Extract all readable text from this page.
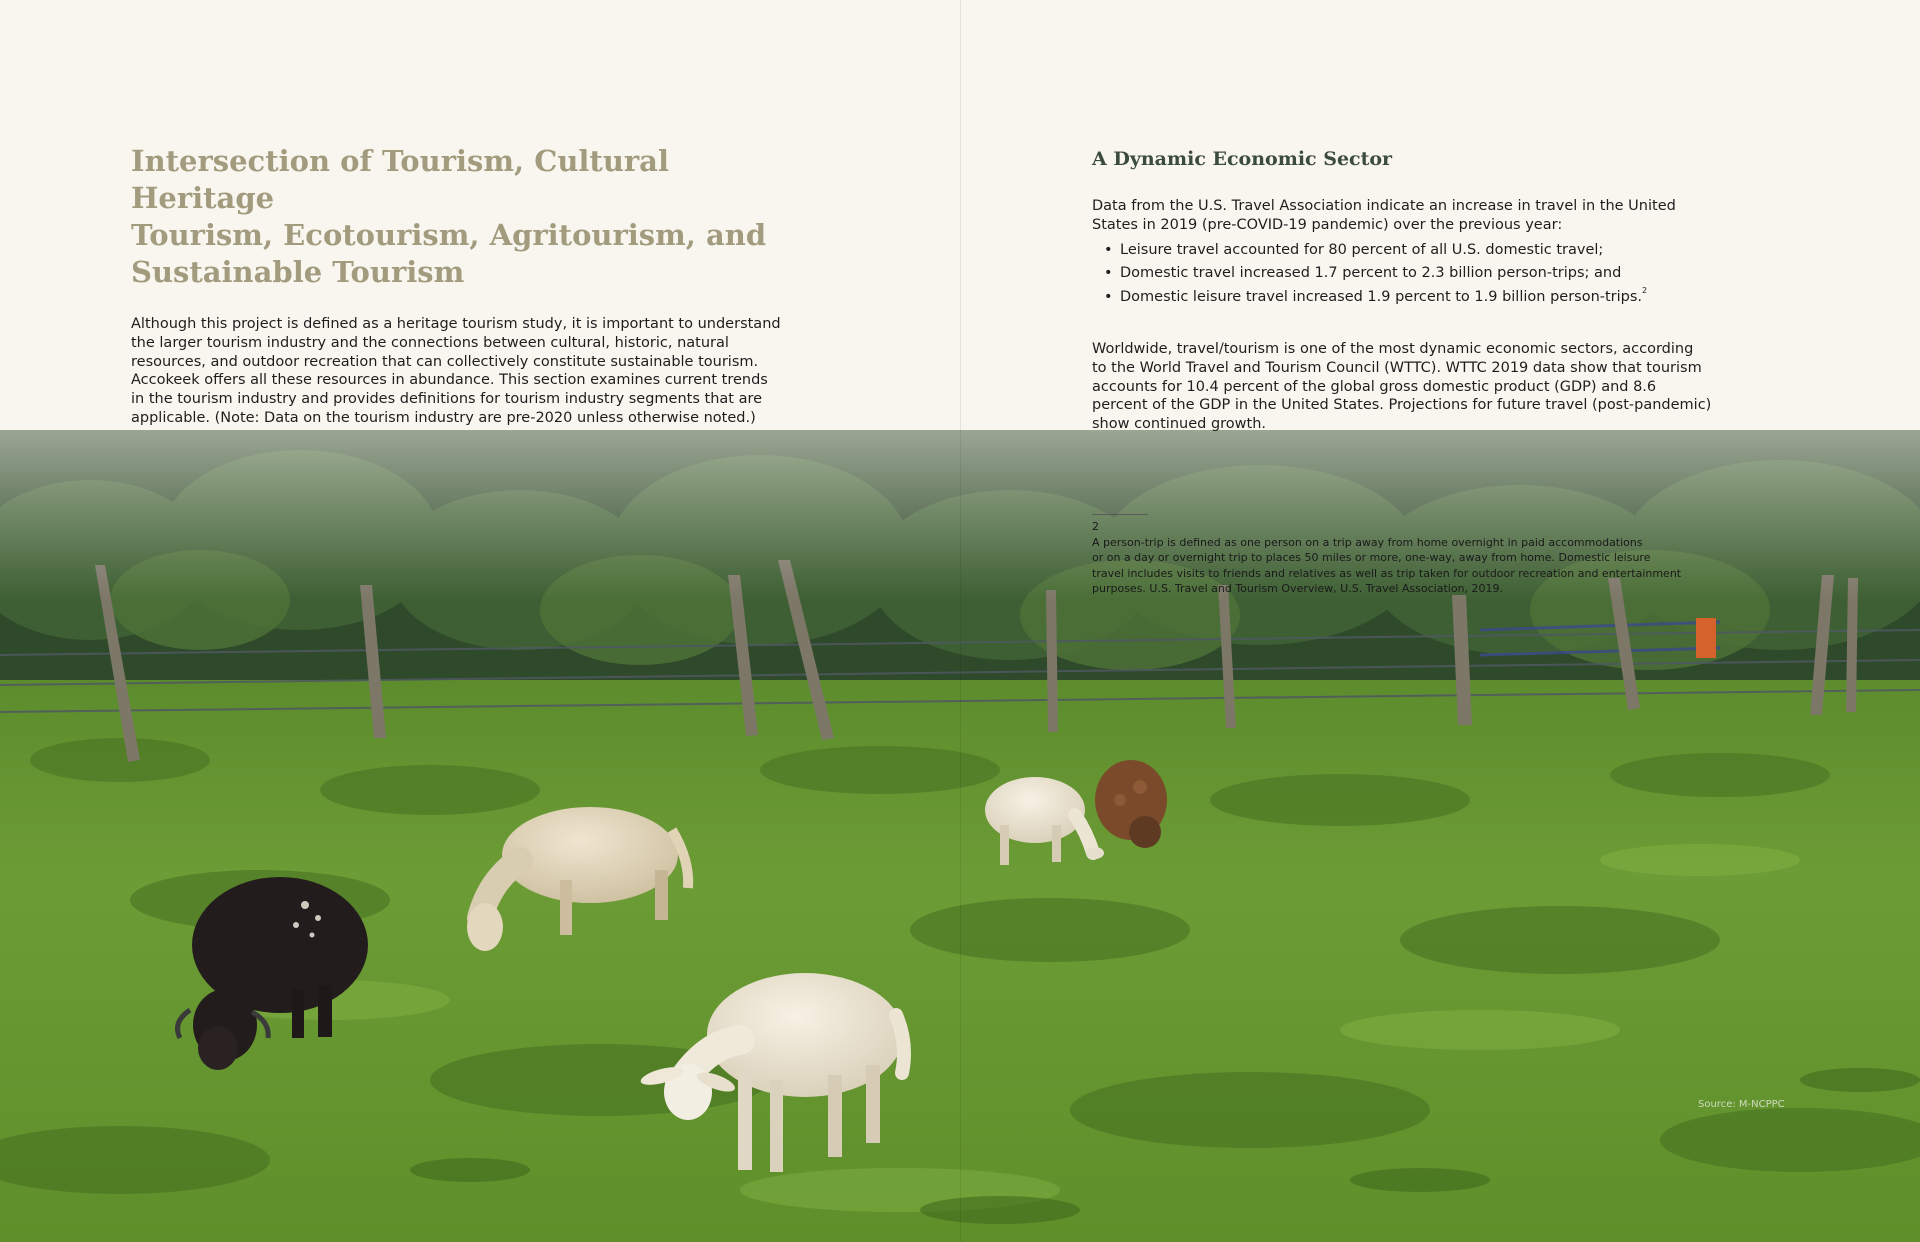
Intersection of Tourism, Cultural Heritage
Tourism, Ecotourism, Agritourism, and
Sustainable Tourism
Although this project is defined as a heritage tourism study, it is important to understand
the larger tourism industry and the connections between cultural, historic, natural
resources, and outdoor recreation that can collectively constitute sustainable tourism.
Accokeek offers all these resources in abundance. This section examines current trends
in the tourism industry and provides definitions for tourism industry segments that are
applicable. (Note: Data on the tourism industry are pre-2020 unless otherwise noted.)
A Dynamic Economic Sector
Data from the U.S. Travel Association indicate an increase in travel in the United
States in 2019 (pre-COVID-19 pandemic) over the previous year:
• Leisure travel accounted for 80 percent of all U.S. domestic travel;
• Domestic travel increased 1.7 percent to 2.3 billion person-trips; and
• Domestic leisure travel increased 1.9 percent to 1.9 billion person-trips.$^2$
Worldwide, travel/tourism is one of the most dynamic economic sectors, according
to the World Travel and Tourism Council (WTTC). WTTC 2019 data show that tourism
accounts for 10.4 percent of the global gross domestic product (GDP) and 8.6
percent of the GDP in the United States. Projections for future travel (post-pandemic)
show continued growth.
2
A person-trip is defined as one person on a trip away from home overnight in paid accommodations
or on a day or overnight trip to places 50 miles or more, one-way, away from home. Domestic leisure
travel includes visits to friends and relatives as well as trip taken for outdoor recreation and entertainment
purposes. U.S. Travel and Tourism Overview, U.S. Travel Association, 2019.
Source: M-NCPPC
